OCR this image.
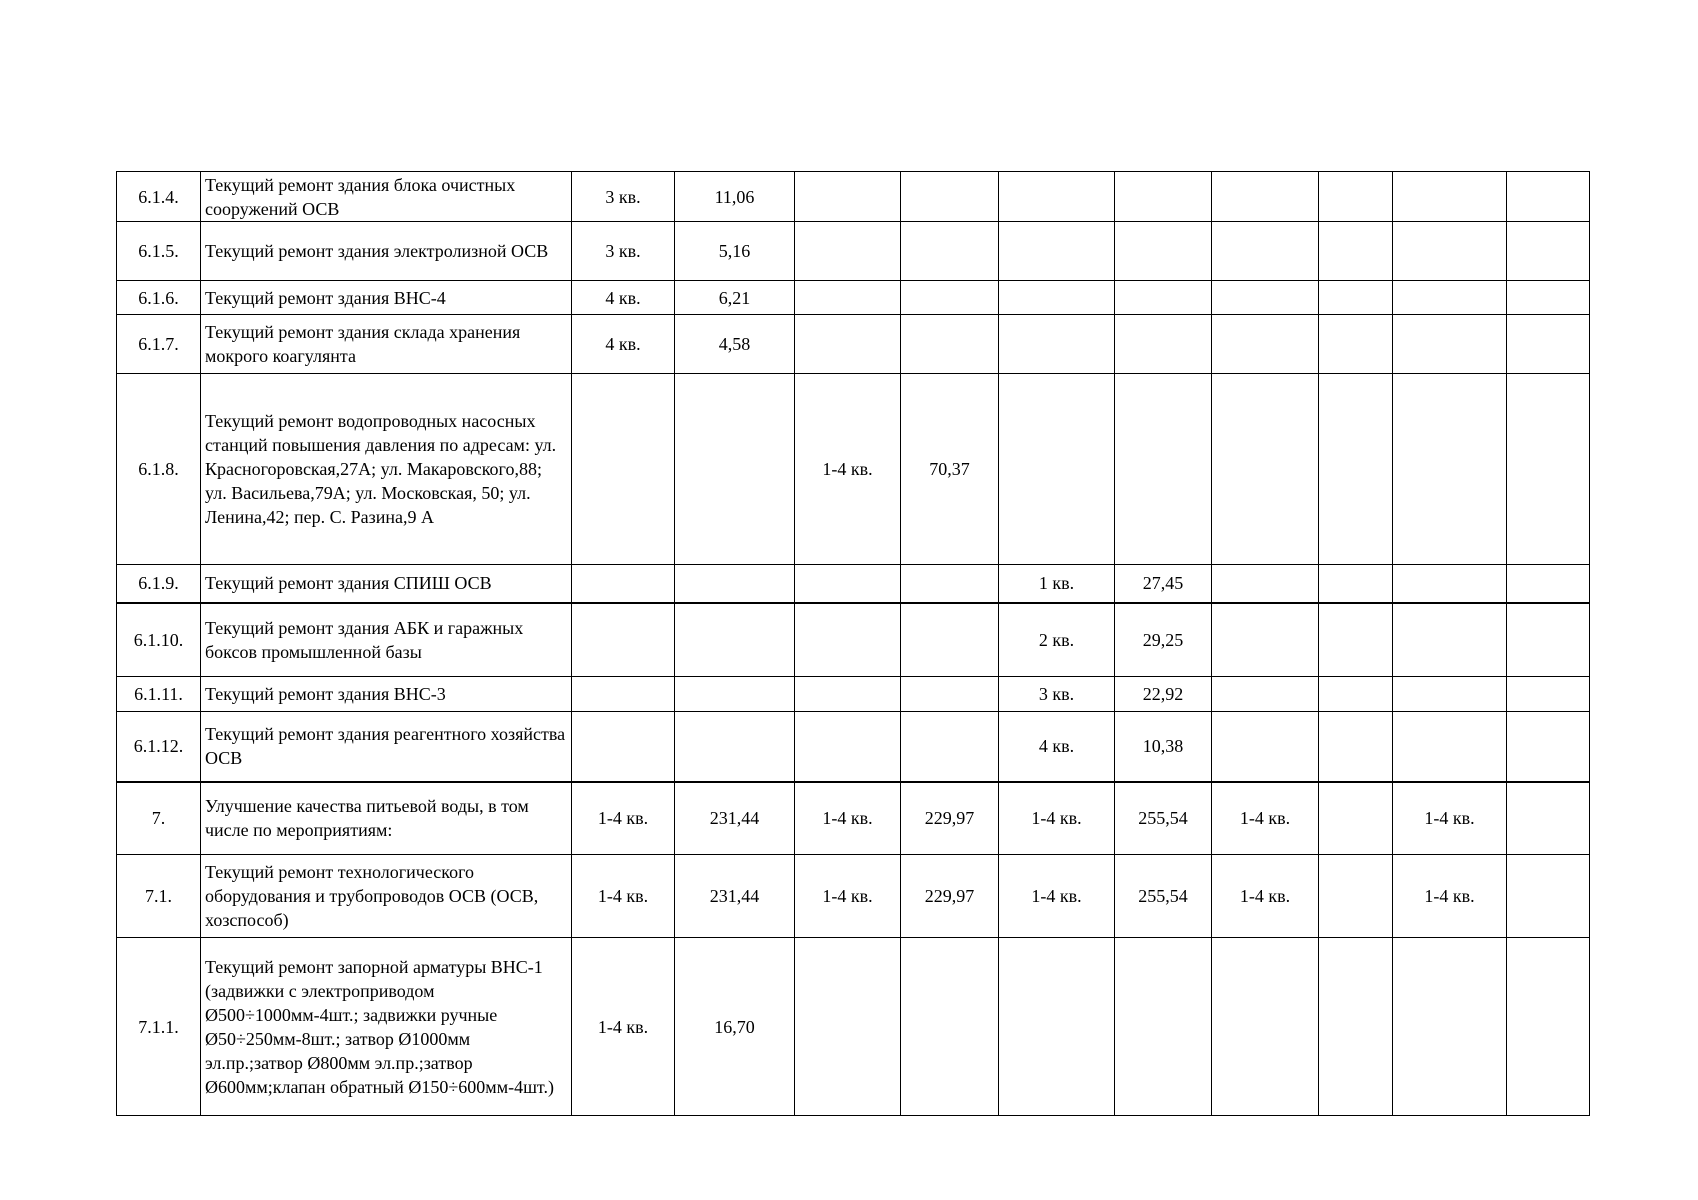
6.1.4.	Текущий ремонт здания блока очистных сооружений ОСВ	3 кв.	11,06								
6.1.5.	Текущий ремонт здания электролизной ОСВ	3 кв.	5,16								
6.1.6.	Текущий ремонт здания ВНС-4	4 кв.	6,21								
6.1.7.	Текущий ремонт здания склада хранения мокрого коагулянта	4 кв.	4,58								
6.1.8.	Текущий ремонт водопроводных насосных станций повышения давления по адресам: ул. Красногоровская,27А; ул. Макаровского,88; ул. Васильева,79А; ул. Московская, 50; ул. Ленина,42; пер. С. Разина,9 А			1-4 кв.	70,37						
6.1.9.	Текущий ремонт здания СПИШ ОСВ					1 кв.	27,45				
6.1.10.	Текущий ремонт здания АБК и гаражных боксов промышленной базы					2 кв.	29,25				
6.1.11.	Текущий ремонт здания ВНС-3					3 кв.	22,92				
6.1.12.	Текущий ремонт здания реагентного хозяйства ОСВ					4 кв.	10,38				
7.	Улучшение качества питьевой воды, в том числе по мероприятиям:	1-4 кв.	231,44	1-4 кв.	229,97	1-4 кв.	255,54	1-4 кв.		1-4 кв.	
7.1.	Текущий ремонт технологического оборудования и трубопроводов ОСВ (ОСВ, хозспособ)	1-4 кв.	231,44	1-4 кв.	229,97	1-4 кв.	255,54	1-4 кв.		1-4 кв.	
7.1.1.	Текущий ремонт запорной арматуры ВНС-1 (задвижки с электроприводом Ø500÷1000мм-4шт.; задвижки ручные Ø50÷250мм-8шт.; затвор Ø1000мм эл.пр.;затвор Ø800мм эл.пр.;затвор Ø600мм;клапан обратный Ø150÷600мм-4шт.)	1-4 кв.	16,70								
